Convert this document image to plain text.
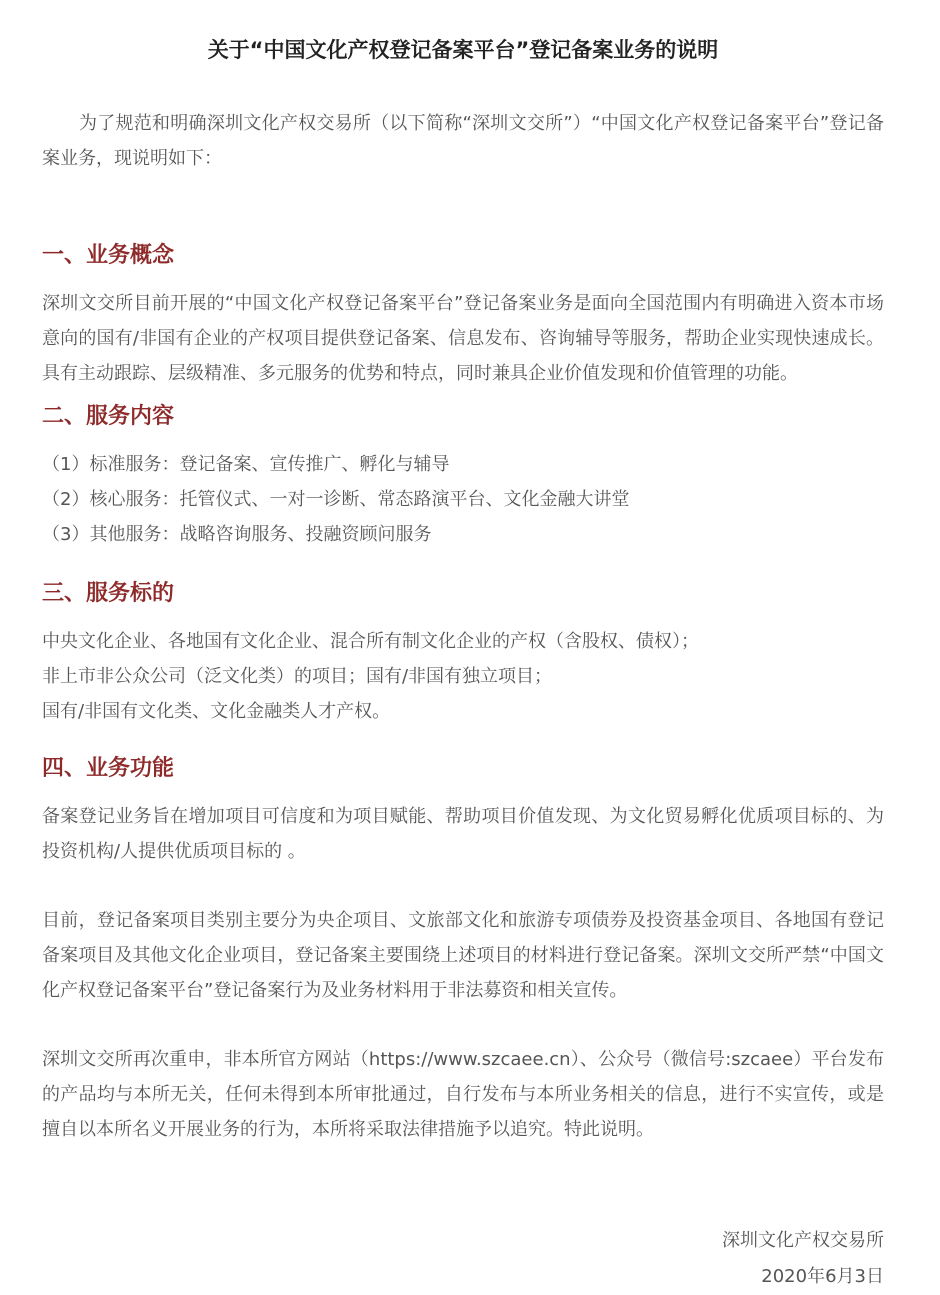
关于“中国文化产权登记备案平台”登记备案业务的说明

为了规范和明确深圳文化产权交易所（以下简称“深圳文交所”）“中国文化产权登记备案平台”登记备案业务，现说明如下：

一、业务概念

深圳文交所目前开展的“中国文化产权登记备案平台”登记备案业务是面向全国范围内有明确进入资本市场意向的国有/非国有企业的产权项目提供登记备案、信息发布、咨询辅导等服务，帮助企业实现快速成长。具有主动跟踪、层级精准、多元服务的优势和特点，同时兼具企业价值发现和价值管理的功能。

二、服务内容

（1）标准服务：登记备案、宣传推广、孵化与辅导

（2）核心服务：托管仪式、一对一诊断、常态路演平台、文化金融大讲堂

（3）其他服务：战略咨询服务、投融资顾问服务

三、服务标的

中央文化企业、各地国有文化企业、混合所有制文化企业的产权（含股权、债权）；

非上市非公众公司（泛文化类）的项目；国有/非国有独立项目；

国有/非国有文化类、文化金融类人才产权。

四、业务功能

备案登记业务旨在增加项目可信度和为项目赋能、帮助项目价值发现、为文化贸易孵化优质项目标的、为投资机构/人提供优质项目标的 。

目前，登记备案项目类别主要分为央企项目、文旅部文化和旅游专项债券及投资基金项目、各地国有登记备案项目及其他文化企业项目，登记备案主要围绕上述项目的材料进行登记备案。深圳文交所严禁“中国文化产权登记备案平台”登记备案行为及业务材料用于非法募资和相关宣传。

深圳文交所再次重申，非本所官方网站（https://www.szcaee.cn）、公众号（微信号:szcaee）平台发布的产品均与本所无关，任何未得到本所审批通过，自行发布与本所业务相关的信息，进行不实宣传，或是擅自以本所名义开展业务的行为，本所将采取法律措施予以追究。特此说明。

深圳文化产权交易所
2020年6月3日
